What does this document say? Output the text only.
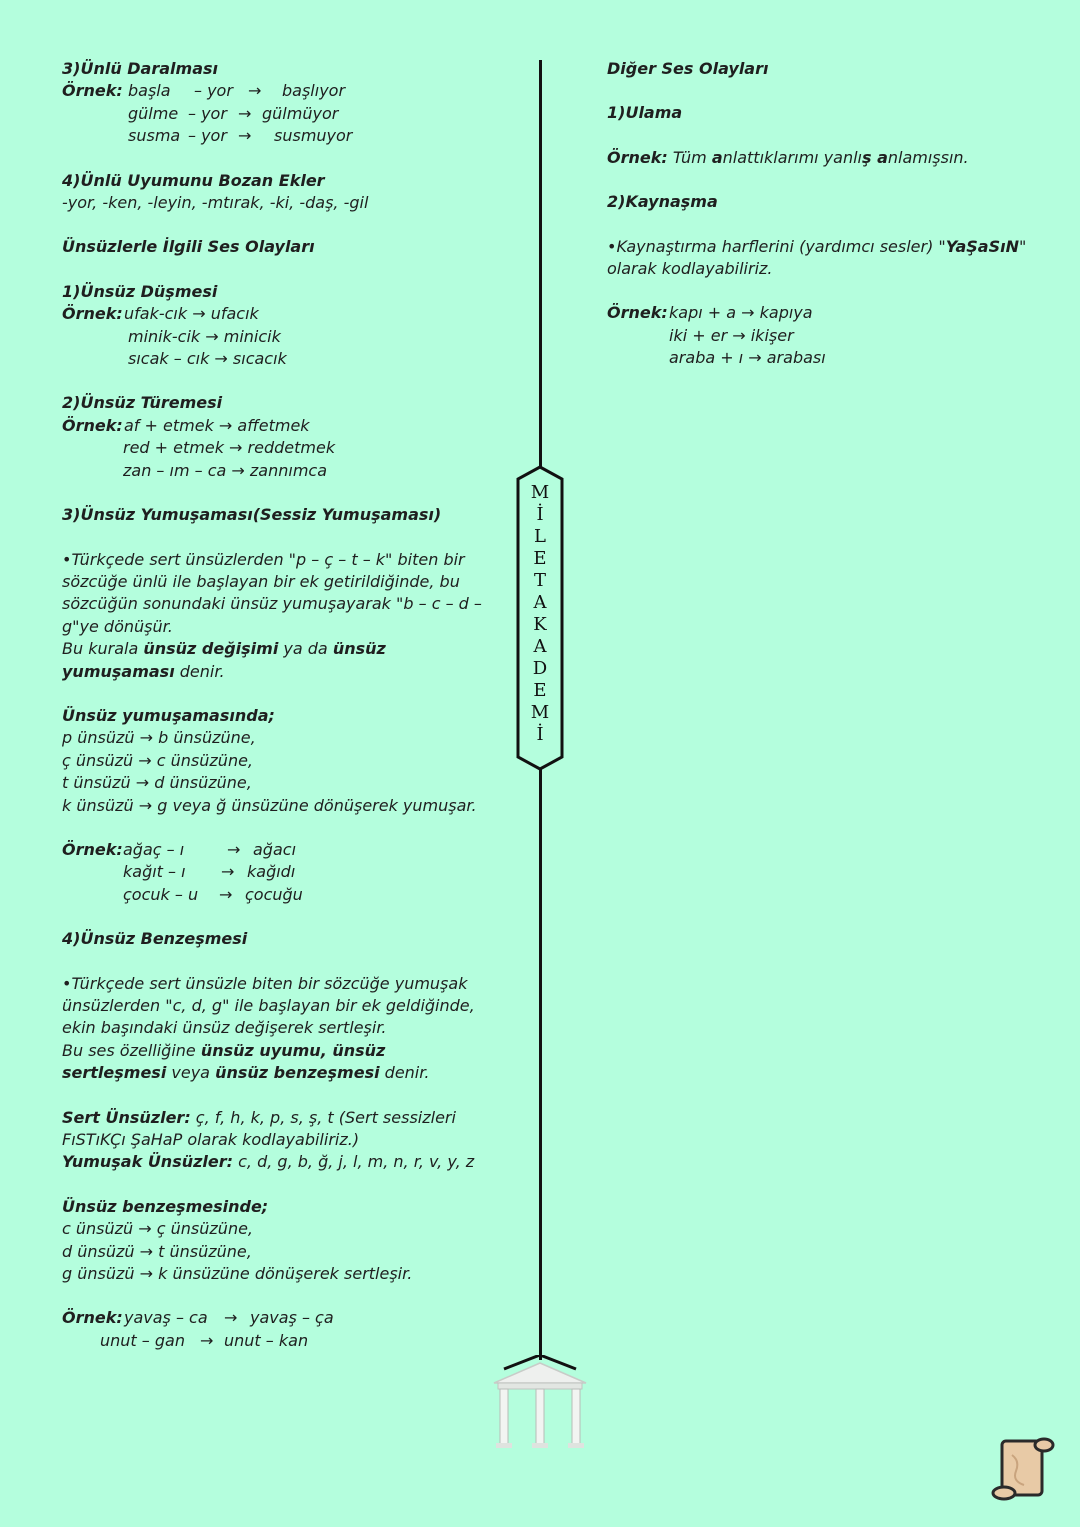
3)Ünlü Daralması
Örnek: başla	– yor →	başlıyor
gülme – yor → gülmüyor
susma – yor →	susmuyor
4)Ünlü Uyumunu Bozan Ekler
-yor, -ken, -leyin, -mtırak, -ki, -daş, -gil
Ünsüzlerle İlgili Ses Olayları
1)Ünsüz Düşmesi
Örnek: ufak-cık → ufacık
minik-cik → minicik
sıcak – cık → sıcacık
2)Ünsüz Türemesi
Örnek: af + etmek → affetmek
red + etmek → reddetmek
zan – ım – ca → zannımca
3)Ünsüz Yumuşaması(Sessiz Yumuşaması)
•Türkçede sert ünsüzlerden "p – ç – t – k" biten bir sözcüğe ünlü ile başlayan bir ek getirildiğinde, bu sözcüğün sonundaki ünsüz yumuşayarak "b – c – d – g"ye dönüşür.
Bu kurala ünsüz değişimi ya da ünsüz yumuşaması denir.
Ünsüz yumuşamasında;
p ünsüzü → b ünsüzüne,
ç ünsüzü → c ünsüzüne,
t ünsüzü → d ünsüzüne,
k ünsüzü → g veya ğ ünsüzüne dönüşerek yumuşar.
Örnek: ağaç – ı	→ ağacı
kağıt – ı	→ kağıdı
çocuk – u	→ çocuğu
4)Ünsüz Benzeşmesi
•Türkçede sert ünsüzle biten bir sözcüğe yumuşak ünsüzlerden "c, d, g" ile başlayan bir ek geldiğinde, ekin başındaki ünsüz değişerek sertleşir.
Bu ses özelliğine ünsüz uyumu, ünsüz sertleşmesi veya ünsüz benzeşmesi denir.
Sert Ünsüzler: ç, f, h, k, p, s, ş, t (Sert sessizleri FıSTıKÇı ŞaHaP olarak kodlayabiliriz.)
Yumuşak Ünsüzler: c, d, g, b, ğ, j, l, m, n, r, v, y, z
Ünsüz benzeşmesinde;
c ünsüzü → ç ünsüzüne,
d ünsüzü → t ünsüzüne,
g ünsüzü → k ünsüzüne dönüşerek sertleşir.
Örnek: yavaş – ca	→ yavaş – ça
unut – gan → unut – kan
Diğer Ses Olayları
1)Ulama
Örnek: Tüm anlattıklarımı yanlış anlamışsın.
2)Kaynaşma
•Kaynaştırma harflerini (yardımcı sesler) "YaŞaSıN" olarak kodlayabiliriz.
Örnek: kapı + a → kapıya
iki + er → ikişer
araba + ı → arabası
M
İ
L
E
T
A
K
A
D
E
M
İ
